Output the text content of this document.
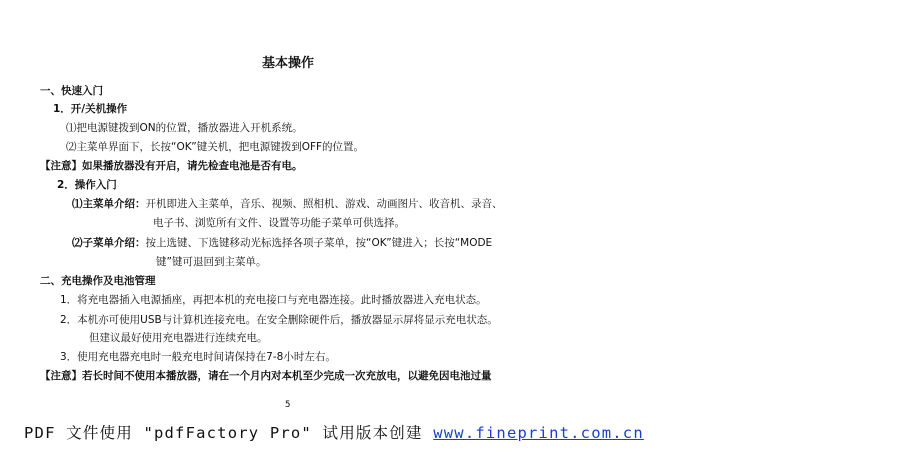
基本操作
一、快速入门
1．开/关机操作
⑴把电源键拨到ON的位置，播放器进入开机系统。
⑵主菜单界面下，长按“OK”键关机，把电源键拨到OFF的位置。
【注意】如果播放器没有开启，请先检查电池是否有电。
2．操作入门
⑴主菜单介绍：开机即进入主菜单，音乐、视频、照相机、游戏、动画图片、收音机、录音、
电子书、浏览所有文件、设置等功能子菜单可供选择。
⑵子菜单介绍：按上选键、下选键移动光标选择各项子菜单，按“OK”键进入；长按“MODE
键”键可退回到主菜单。
二、充电操作及电池管理
1．将充电器插入电源插座，再把本机的充电接口与充电器连接。此时播放器进入充电状态。
2．本机亦可使用USB与计算机连接充电。在安全删除硬件后，播放器显示屏将显示充电状态。
但建议最好使用充电器进行连续充电。
3．使用充电器充电时一般充电时间请保持在7-8小时左右。
【注意】若长时间不使用本播放器，请在一个月内对本机至少完成一次充放电，以避免因电池过量
5
PDF 文件使用 "pdfFactory Pro" 试用版本创建 www.fineprint.com.cn
